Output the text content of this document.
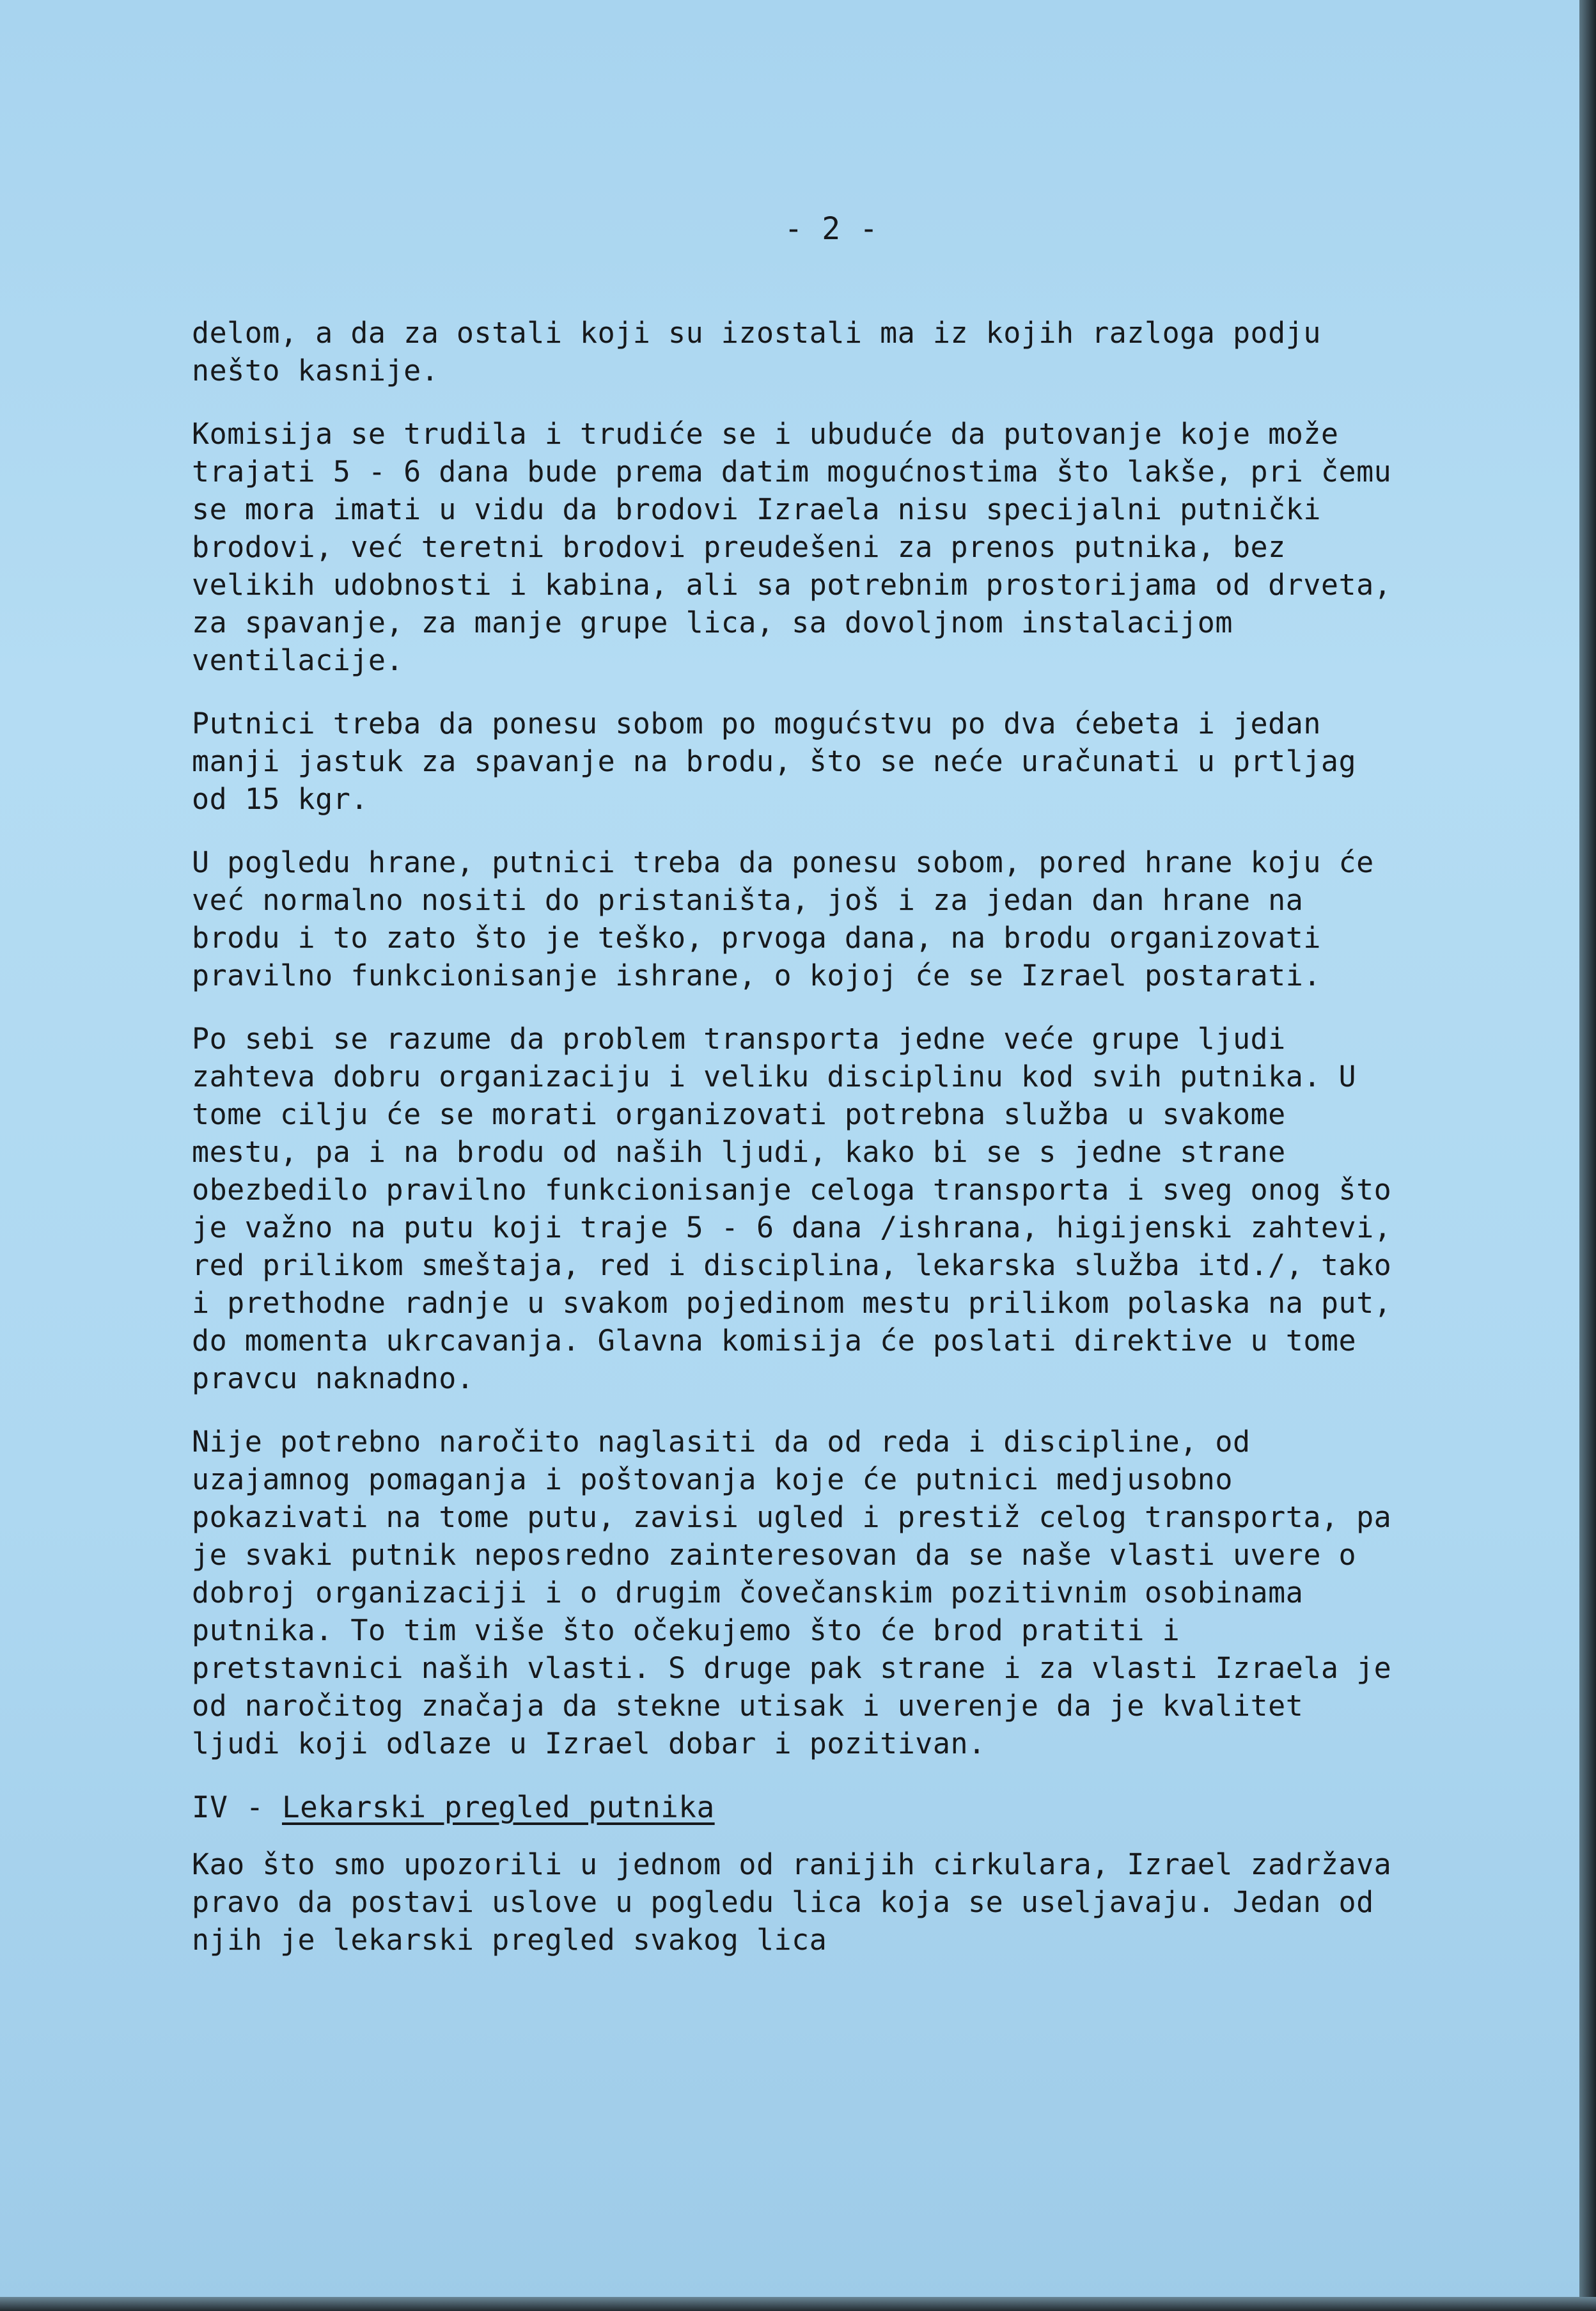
- 2 -

delom, a da za ostali koji su izostali ma iz kojih razloga podju nešto kasnije.

Komisija se trudila i trudiće se i ubuduće da putovanje koje može trajati 5 - 6 dana bude prema datim mogućnostima što lakše, pri čemu se mora imati u vidu da brodovi Izraela nisu specijalni putnički brodovi, već teretni brodovi preudešeni za prenos putnika, bez velikih udobnosti i kabina, ali sa potrebnim prostorijama od drveta, za spavanje, za manje grupe lica, sa dovoljnom instalacijom ventilacije.

Putnici treba da ponesu sobom po mogućstvu po dva ćebeta i jedan manji jastuk za spavanje na brodu, što se neće uračunati u prtljag od 15 kgr.

U pogledu hrane, putnici treba da ponesu sobom, pored hrane koju će već normalno nositi do pristaništa, još i za jedan dan hrane na brodu i to zato što je teško, prvoga dana, na brodu organizovati pravilno funkcionisanje ishrane, o kojoj će se Izrael postarati.

Po sebi se razume da problem transporta jedne veće grupe ljudi zahteva dobru organizaciju i veliku disciplinu kod svih putnika. U tome cilju će se morati organizovati potrebna služba u svakome mestu, pa i na brodu od naših ljudi, kako bi se s jedne strane obezbedilo pravilno funkcionisanje celoga transporta i sveg onog što je važno na putu koji traje 5 - 6 dana /ishrana, higijenski zahtevi, red prilikom smeštaja, red i disciplina, lekarska služba itd./, tako i prethodne radnje u svakom pojedinom mestu prilikom polaska na put, do momenta ukrcavanja. Glavna komisija će poslati direktive u tome pravcu naknadno.

Nije potrebno naročito naglasiti da od reda i discipline, od uzajamnog pomaganja i poštovanja koje će putnici medjusobno pokazivati na tome putu, zavisi ugled i prestiž celog transporta, pa je svaki putnik neposredno zainteresovan da se naše vlasti uvere o dobroj organizaciji i o drugim čovečanskim pozitivnim osobinama putnika. To tim više što očekujemo što će brod pratiti i pretstavnici naših vlasti. S druge pak strane i za vlasti Izraela je od naročitog značaja da stekne utisak i uverenje da je kvalitet ljudi koji odlaze u Izrael dobar i pozitivan.

IV - Lekarski pregled putnika

Kao što smo upozorili u jednom od ranijih cirkulara, Izrael zadržava pravo da postavi uslove u pogledu lica koja se useljavaju. Jedan od njih je lekarski pregled svakog lica
